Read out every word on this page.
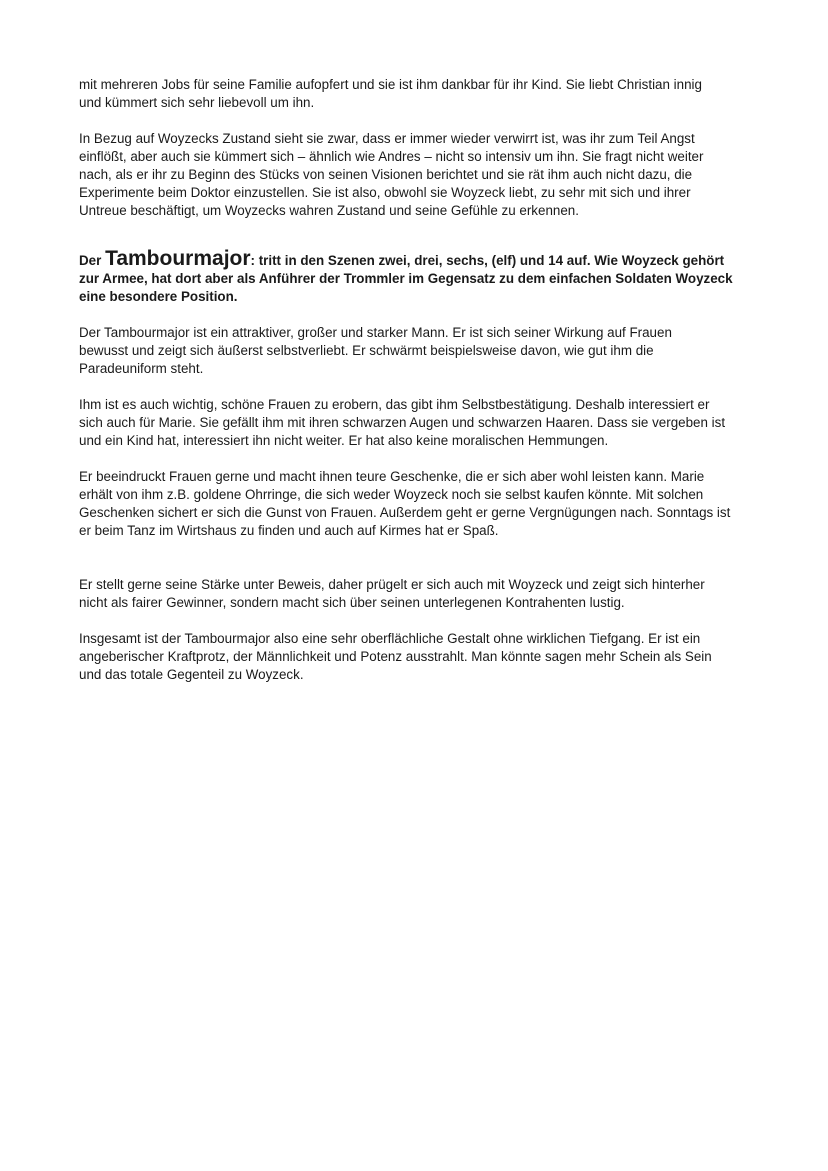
mit mehreren Jobs für seine Familie aufopfert und sie ist ihm dankbar für ihr Kind. Sie liebt Christian innig
und kümmert sich sehr liebevoll um ihn.

In Bezug auf Woyzecks Zustand sieht sie zwar, dass er immer wieder verwirrt ist, was ihr zum Teil Angst
einflößt, aber auch sie kümmert sich – ähnlich wie Andres – nicht so intensiv um ihn. Sie fragt nicht weiter
nach, als er ihr zu Beginn des Stücks von seinen Visionen berichtet und sie rät ihm auch nicht dazu, die
Experimente beim Doktor einzustellen. Sie ist also, obwohl sie Woyzeck liebt, zu sehr mit sich und ihrer
Untreue beschäftigt, um Woyzecks wahren Zustand und seine Gefühle zu erkennen.

Der Tambourmajor: tritt in den Szenen zwei, drei, sechs, (elf) und 14 auf. Wie Woyzeck gehört
zur Armee, hat dort aber als Anführer der Trommler im Gegensatz zu dem einfachen Soldaten Woyzeck
eine besondere Position.

Der Tambourmajor ist ein attraktiver, großer und starker Mann. Er ist sich seiner Wirkung auf Frauen
bewusst und zeigt sich äußerst selbstverliebt. Er schwärmt beispielsweise davon, wie gut ihm die
Paradeuniform steht.

Ihm ist es auch wichtig, schöne Frauen zu erobern, das gibt ihm Selbstbestätigung. Deshalb interessiert er
sich auch für Marie. Sie gefällt ihm mit ihren schwarzen Augen und schwarzen Haaren. Dass sie vergeben ist
und ein Kind hat, interessiert ihn nicht weiter. Er hat also keine moralischen Hemmungen.

Er beeindruckt Frauen gerne und macht ihnen teure Geschenke, die er sich aber wohl leisten kann. Marie
erhält von ihm z.B. goldene Ohrringe, die sich weder Woyzeck noch sie selbst kaufen könnte. Mit solchen
Geschenken sichert er sich die Gunst von Frauen. Außerdem geht er gerne Vergnügungen nach. Sonntags ist
er beim Tanz im Wirtshaus zu finden und auch auf Kirmes hat er Spaß.

Er stellt gerne seine Stärke unter Beweis, daher prügelt er sich auch mit Woyzeck und zeigt sich hinterher
nicht als fairer Gewinner, sondern macht sich über seinen unterlegenen Kontrahenten lustig.

Insgesamt ist der Tambourmajor also eine sehr oberflächliche Gestalt ohne wirklichen Tiefgang. Er ist ein
angeberischer Kraftprotz, der Männlichkeit und Potenz ausstrahlt. Man könnte sagen mehr Schein als Sein
und das totale Gegenteil zu Woyzeck.
